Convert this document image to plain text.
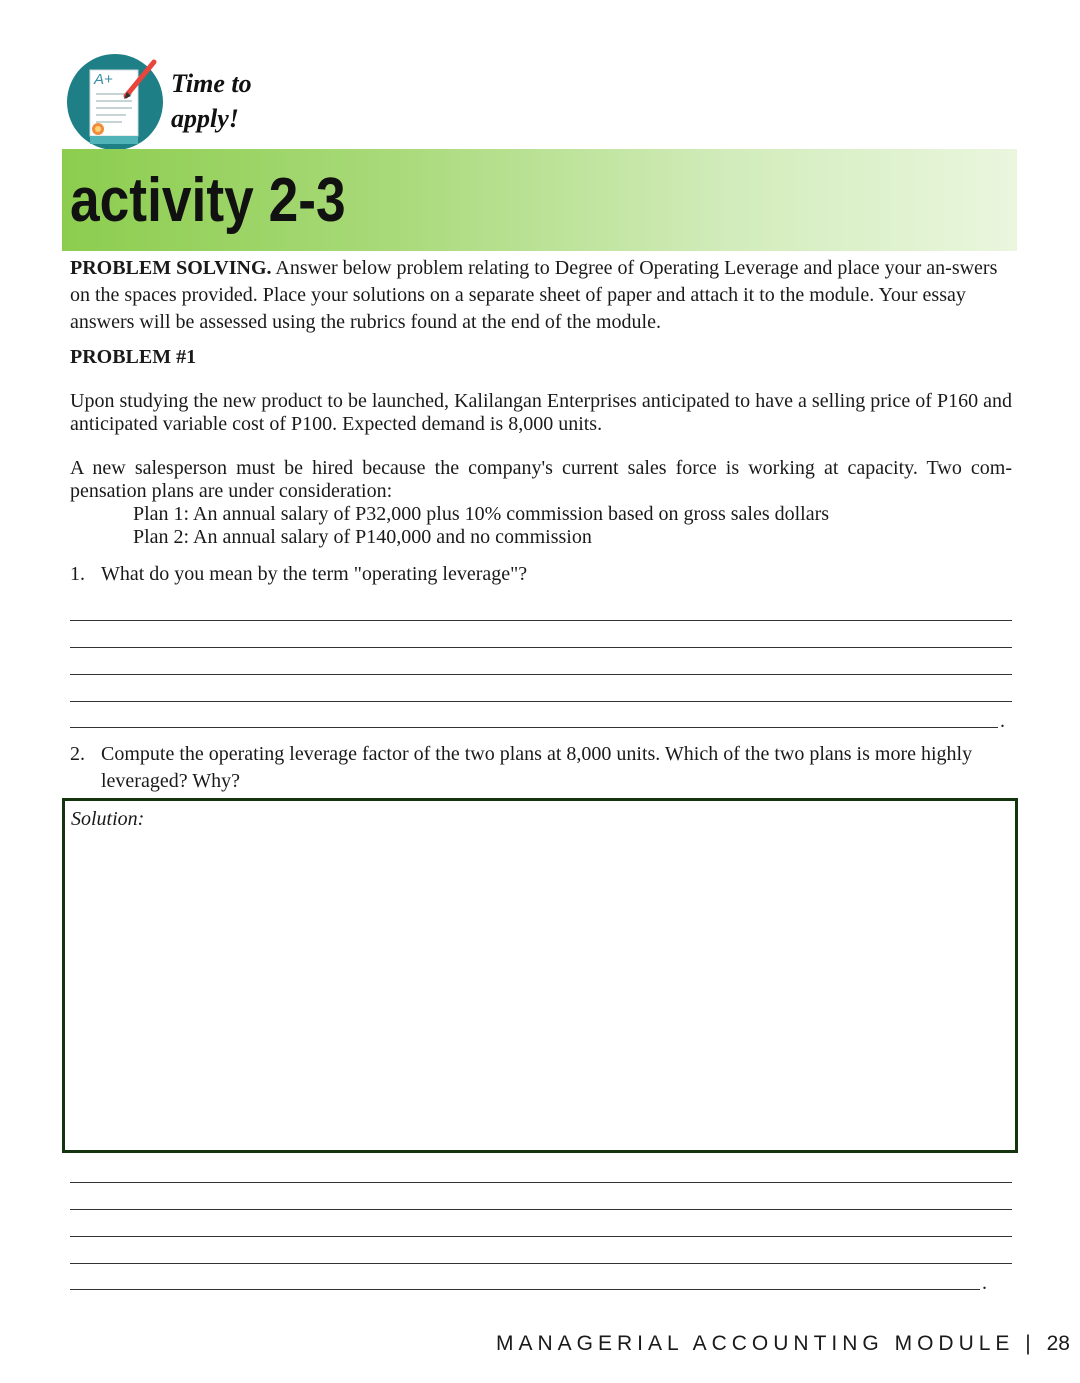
A+ Time to
apply!
activity 2-3

PROBLEM SOLVING. Answer below problem relating to Degree of Operating Leverage and place your an-swers on the spaces provided. Place your solutions on a separate sheet of paper and attach it to the module. Your essay answers will be assessed using the rubrics found at the end of the module.

PROBLEM #1

Upon studying the new product to be launched, Kalilangan Enterprises anticipated to have a selling price of P160 and anticipated variable cost of P100. Expected demand is 8,000 units.

A new salesperson must be hired because the company's current sales force is working at capacity. Two com-pensation plans are under consideration:

Plan 1: An annual salary of P32,000 plus 10% commission based on gross sales dollars
Plan 2: An annual salary of P140,000 and no commission
1. What do you mean by the term "operating leverage"?
.
2. Compute the operating leverage factor of the two plans at 8,000 units. Which of the two plans is more highly leveraged? Why?
Solution:
.
MANAGERIAL ACCOUNTING MODULE | 28
